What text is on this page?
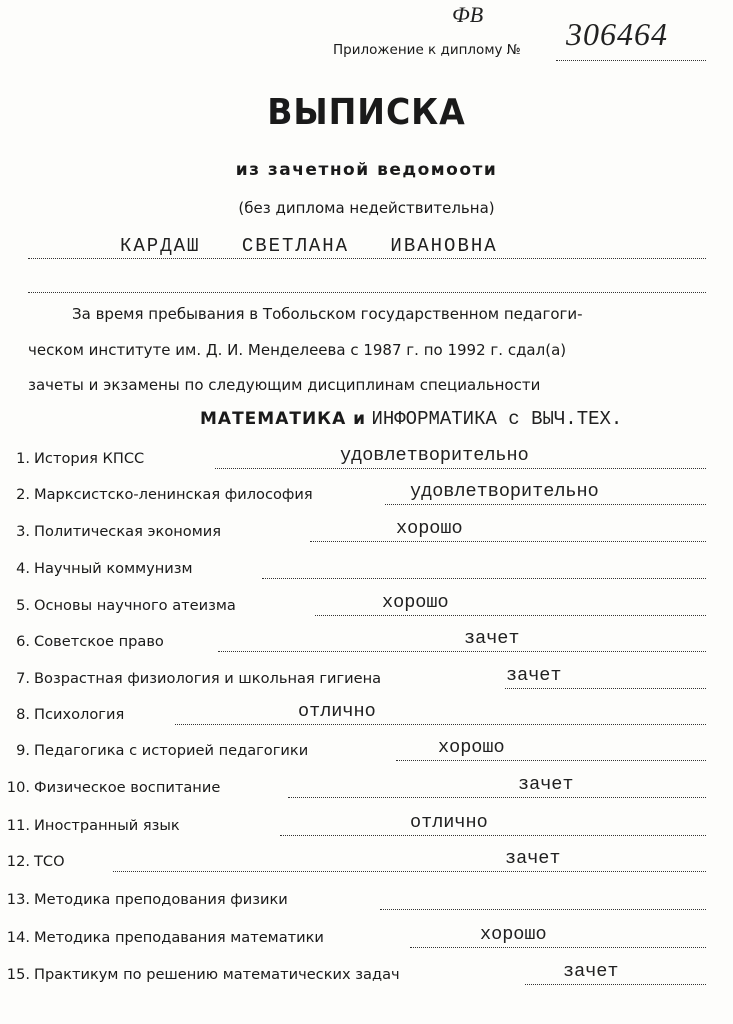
Приложение к диплому №
ФВ
306464
ВЫПИСКА
из зачетной ведомооти
(без диплома недействительна)
КАРДАШ СВЕТЛАНА ИВАНОВНА
За время пребывания в Тобольском государственном педагоги-
ческом институте им. Д. И. Менделеева с 1987 г. по 1992 г. сдал(а)
зачеты и экзамены по следующим дисциплинам специальности
МАТЕМАТИКА и ИНФОРМАТИКА с ВЫЧ.ТЕХ.
1. История КПСС	удовлетворительно
2. Марксистско-ленинская философия	удовлетворительно
3. Политическая экономия	хорошо
4. Научный коммунизм
5. Основы научного атеизма	хорошо
6. Советское право	зачет
7. Возрастная физиология и школьная гигиена	зачет
8. Психология	отлично
9. Педагогика с историей педагогики	хорошо
10. Физическое воспитание	зачет
11. Иностранный язык	отлично
12. ТСО	зачет
13. Методика преподования физики
14. Методика преподавания математики	хорошо
15. Практикум по решению математических задач	зачет
